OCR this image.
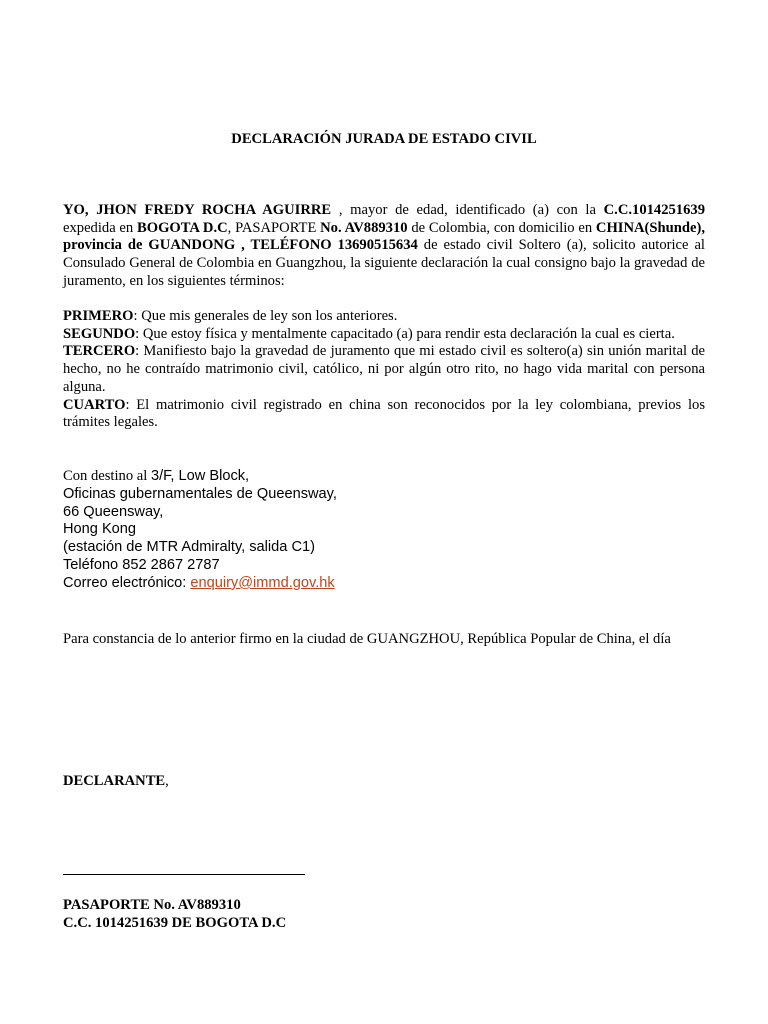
DECLARACIÓN JURADA DE ESTADO CIVIL
YO, JHON FREDY ROCHA AGUIRRE , mayor de edad, identificado (a) con la C.C.1014251639 expedida en BOGOTA D.C, PASAPORTE No. AV889310 de Colombia, con domicilio en CHINA(Shunde), provincia de GUANDONG , TELÉFONO 13690515634 de estado civil Soltero (a), solicito autorice al Consulado General de Colombia en Guangzhou, la siguiente declaración la cual consigno bajo la gravedad de juramento, en los siguientes términos:

PRIMERO: Que mis generales de ley son los anteriores.

SEGUNDO: Que estoy física y mentalmente capacitado (a) para rendir esta declaración la cual es cierta.

TERCERO: Manifiesto bajo la gravedad de juramento que mi estado civil es soltero(a) sin unión marital de hecho, no he contraído matrimonio civil, católico, ni por algún otro rito, no hago vida marital con persona alguna.

CUARTO: El matrimonio civil registrado en china son reconocidos por la ley colombiana, previos los trámites legales.

Con destino al 3/F, Low Block,
Oficinas gubernamentales de Queensway,
66 Queensway,
Hong Kong
(estación de MTR Admiralty, salida C1)
Teléfono 852 2867 2787
Correo electrónico: enquiry@immd.gov.hk
Para constancia de lo anterior firmo en la ciudad de GUANGZHOU, República Popular de China, el día
DECLARANTE,
PASAPORTE No. AV889310
C.C. 1014251639 DE BOGOTA D.C
